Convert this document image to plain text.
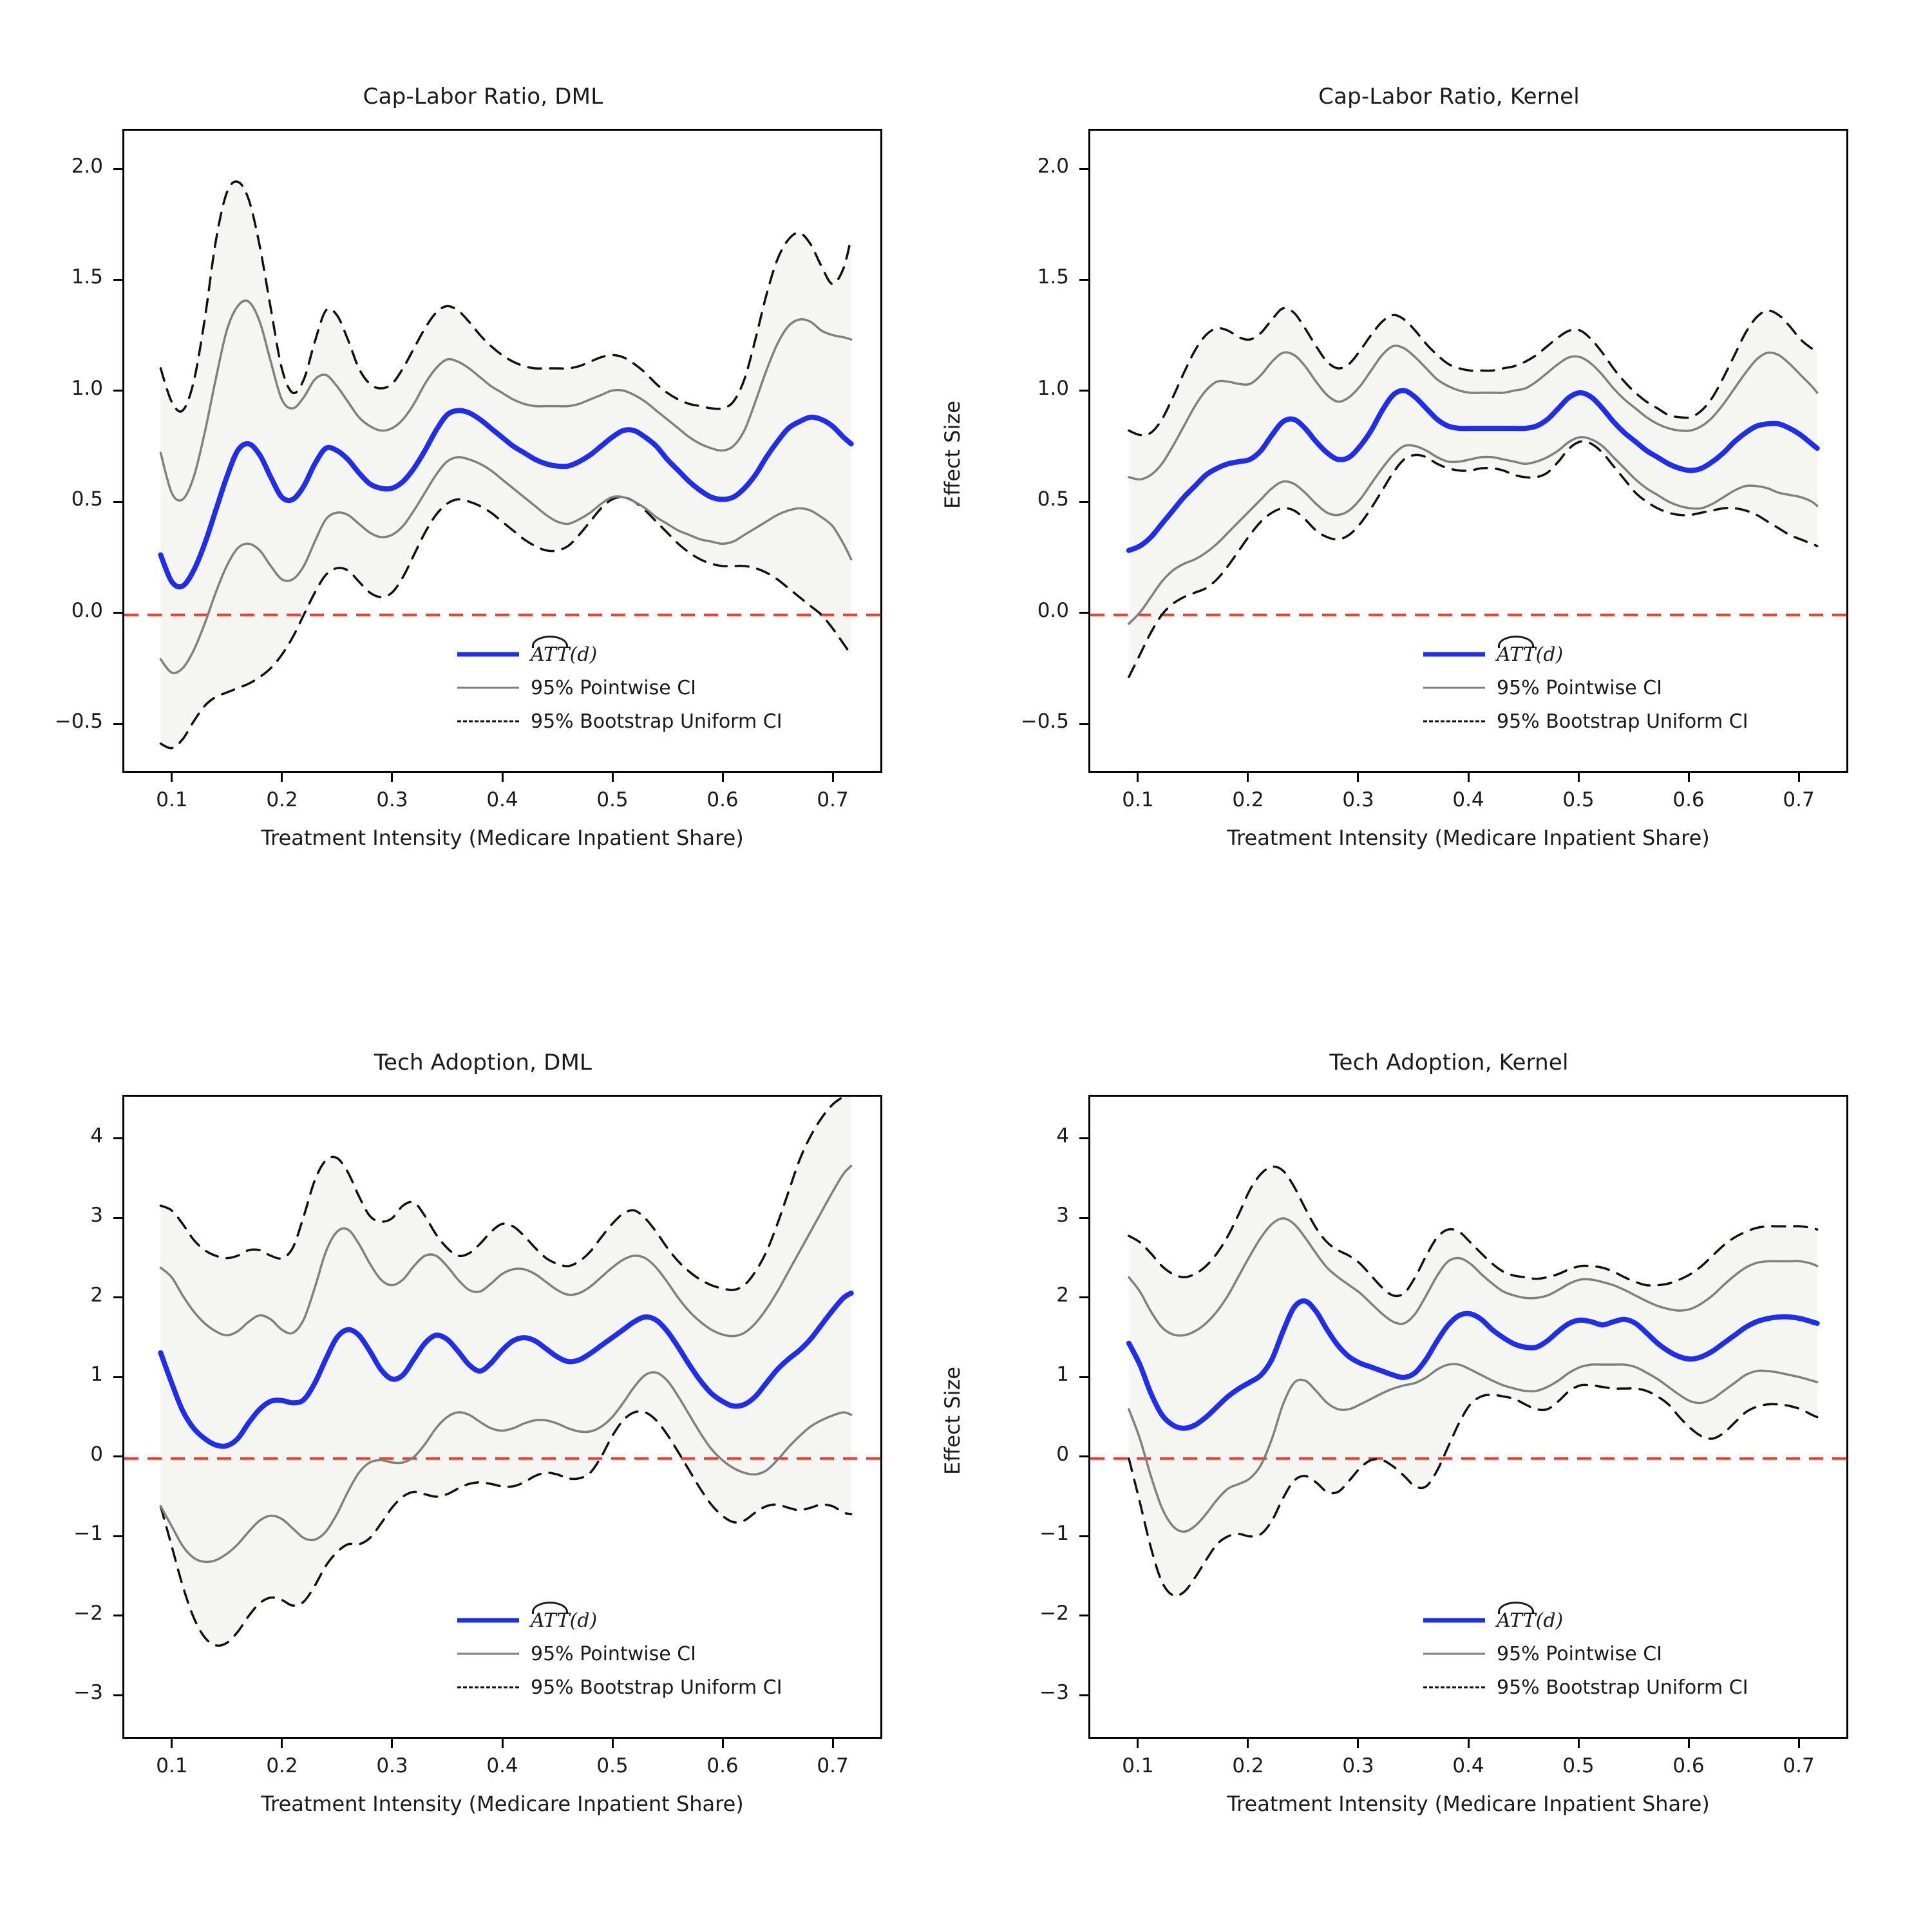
Cap-Labor Ratio, DML
−0.5
0.0
0.5
1.0
1.5
2.0
0.1	0.2	0.3	0.4	0.5	0.6	0.7
Treatment Intensity (Medicare Inpatient Share)
ATT(d)
95% Pointwise CI
95% Bootstrap Uniform CI
Cap-Labor Ratio, Kernel
−0.5
0.0
0.5
1.0
1.5
2.0
0.1	0.2	0.3	0.4	0.5	0.6	0.7
Effect Size
Treatment Intensity (Medicare Inpatient Share)
ATT(d)
95% Pointwise CI
95% Bootstrap Uniform CI
Tech Adoption, DML
−3
−2
−1
0
1
2
3
4
0.1	0.2	0.3	0.4	0.5	0.6	0.7
Treatment Intensity (Medicare Inpatient Share)
ATT(d)
95% Pointwise CI
95% Bootstrap Uniform CI
Tech Adoption, Kernel
−3
−2
−1
0
1
2
3
4
0.1	0.2	0.3	0.4	0.5	0.6	0.7
Effect Size
Treatment Intensity (Medicare Inpatient Share)
ATT(d)
95% Pointwise CI
95% Bootstrap Uniform CI
